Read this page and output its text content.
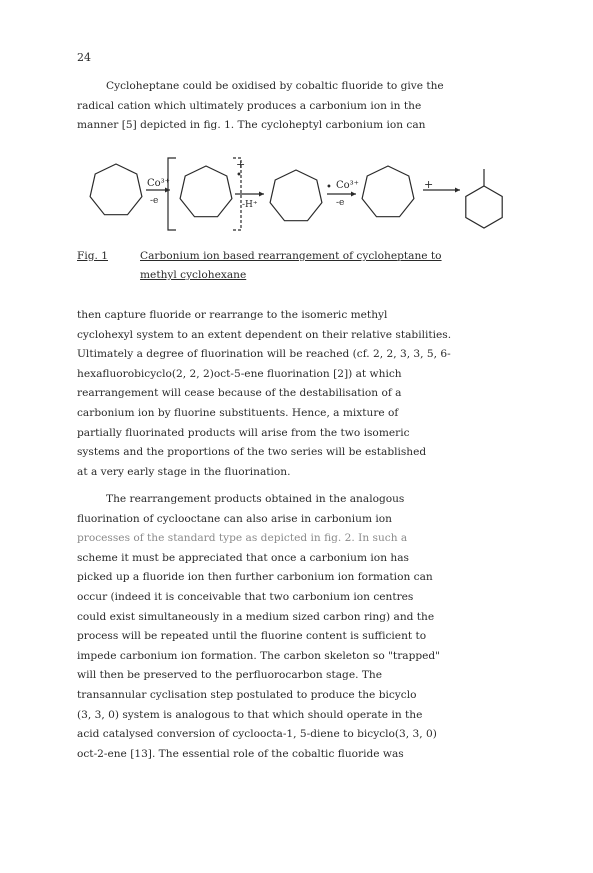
24

Cycloheptane could be oxidised by cobaltic fluoride to give the
radical cation which ultimately produces a carbonium ion in the
manner [5] depicted in fig. 1. The cycloheptyl carbonium ion can

Co³⁺
-e
+
•
-H⁺
• Co³⁺
-e
+
Fig. 1	Carbonium ion based rearrangement of cycloheptane to
methyl cyclohexane

then capture fluoride or rearrange to the isomeric methyl
cyclohexyl system to an extent dependent on their relative stabilities.
Ultimately a degree of fluorination will be reached (cf. 2, 2, 3, 3, 5, 6-
hexafluorobicyclo(2, 2, 2)oct-5-ene fluorination [2]) at which
rearrangement will cease because of the destabilisation of a
carbonium ion by fluorine substituents. Hence, a mixture of
partially fluorinated products will arise from the two isomeric
systems and the proportions of the two series will be established
at a very early stage in the fluorination.

The rearrangement products obtained in the analogous
fluorination of cyclooctane can also arise in carbonium ion
processes of the standard type as depicted in fig. 2. In such a
scheme it must be appreciated that once a carbonium ion has
picked up a fluoride ion then further carbonium ion formation can
occur (indeed it is conceivable that two carbonium ion centres
could exist simultaneously in a medium sized carbon ring) and the
process will be repeated until the fluorine content is sufficient to
impede carbonium ion formation. The carbon skeleton so "trapped"
will then be preserved to the perfluorocarbon stage. The
transannular cyclisation step postulated to produce the bicyclo
(3, 3, 0) system is analogous to that which should operate in the
acid catalysed conversion of cycloocta-1, 5-diene to bicyclo(3, 3, 0)
oct-2-ene [13]. The essential role of the cobaltic fluoride was
